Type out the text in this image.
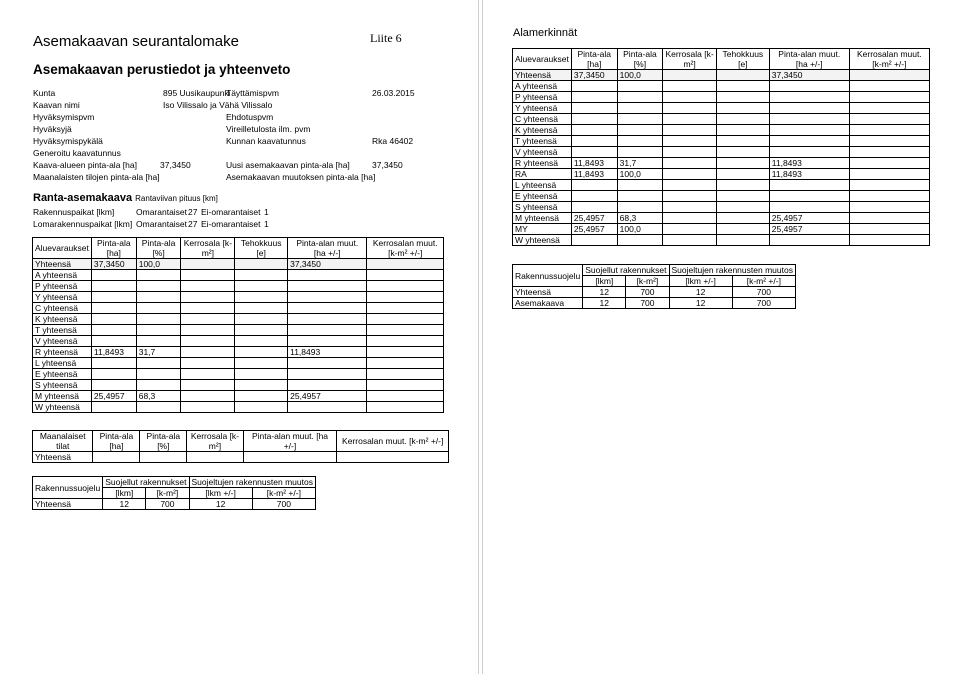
Asemakaavan seurantalomake	Liite 6
Asemakaavan perustiedot ja yhteenveto
Kunta	895 Uusikaupunki
Täyttämispvm	26.03.2015
Kaavan nimi	Iso Vilissalo ja Vähä Vilissalo
Hyväksymispvm	Ehdotuspvm
Hyväksyjä	Vireilletulosta ilm. pvm
Hyväksymispykälä	Kunnan kaavatunnus	Rka 46402
Generoitu kaavatunnus
Kaava-alueen pinta-ala [ha]	37,3450	Uusi asemakaavan pinta-ala [ha]	37,3450
Maanalaisten tilojen pinta-ala [ha]	Asemakaavan muutoksen pinta-ala [ha]
Ranta-asemakaava Rantaviivan pituus [km]
Rakennuspaikat [lkm]	Omarantaiset 27 Ei-omarantaiset 1
Lomarakennuspaikat [lkm] Omarantaiset 27 Ei-omarantaiset 1
Aluevaraukset	Pinta-ala [ha]	Pinta-ala [%]	Kerrosala [k-m²]	Tehokkuus [e]	Pinta-alan muut. [ha +/-]	Kerrosalan muut. [k-m² +/-]
Yhteensä	37,3450	100,0			37,3450	
A yhteensä						
P yhteensä						
Y yhteensä						
C yhteensä						
K yhteensä						
T yhteensä						
V yhteensä						
R yhteensä	11,8493	31,7			11,8493	
L yhteensä						
E yhteensä						
S yhteensä						
M yhteensä	25,4957	68,3			25,4957	
W yhteensä						
Maanalaiset tilat	Pinta-ala [ha]	Pinta-ala [%]	Kerrosala [k-m²]	Pinta-alan muut. [ha +/-]	Kerrosalan muut. [k-m² +/-]
Yhteensä					
Rakennussuojelu	Suojellut rakennukset		Suojeltujen rakennusten muutos	
	[lkm]	[k-m²]	[lkm +/-]	[k-m² +/-]
Yhteensä	12	700	12	700
Alamerkinnät
Aluevaraukset	Pinta-ala [ha]	Pinta-ala [%]	Kerrosala [k-m²]	Tehokkuus [e]	Pinta-alan muut. [ha +/-]	Kerrosalan muut. [k-m² +/-]
Yhteensä	37,3450	100,0			37,3450	
A yhteensä						
P yhteensä						
Y yhteensä						
C yhteensä						
K yhteensä						
T yhteensä						
V yhteensä						
R yhteensä	11,8493	31,7			11,8493	
RA	11,8493	100,0			11,8493	
L yhteensä						
E yhteensä						
S yhteensä						
M yhteensä	25,4957	68,3			25,4957	
MY	25,4957	100,0			25,4957	
W yhteensä						
Rakennussuojelu	Suojellut rakennukset		Suojeltujen rakennusten muutos	
	[lkm]	[k-m²]	[lkm +/-]	[k-m² +/-]
Yhteensä	12	700	12	700
Asemakaava	12	700	12	700
